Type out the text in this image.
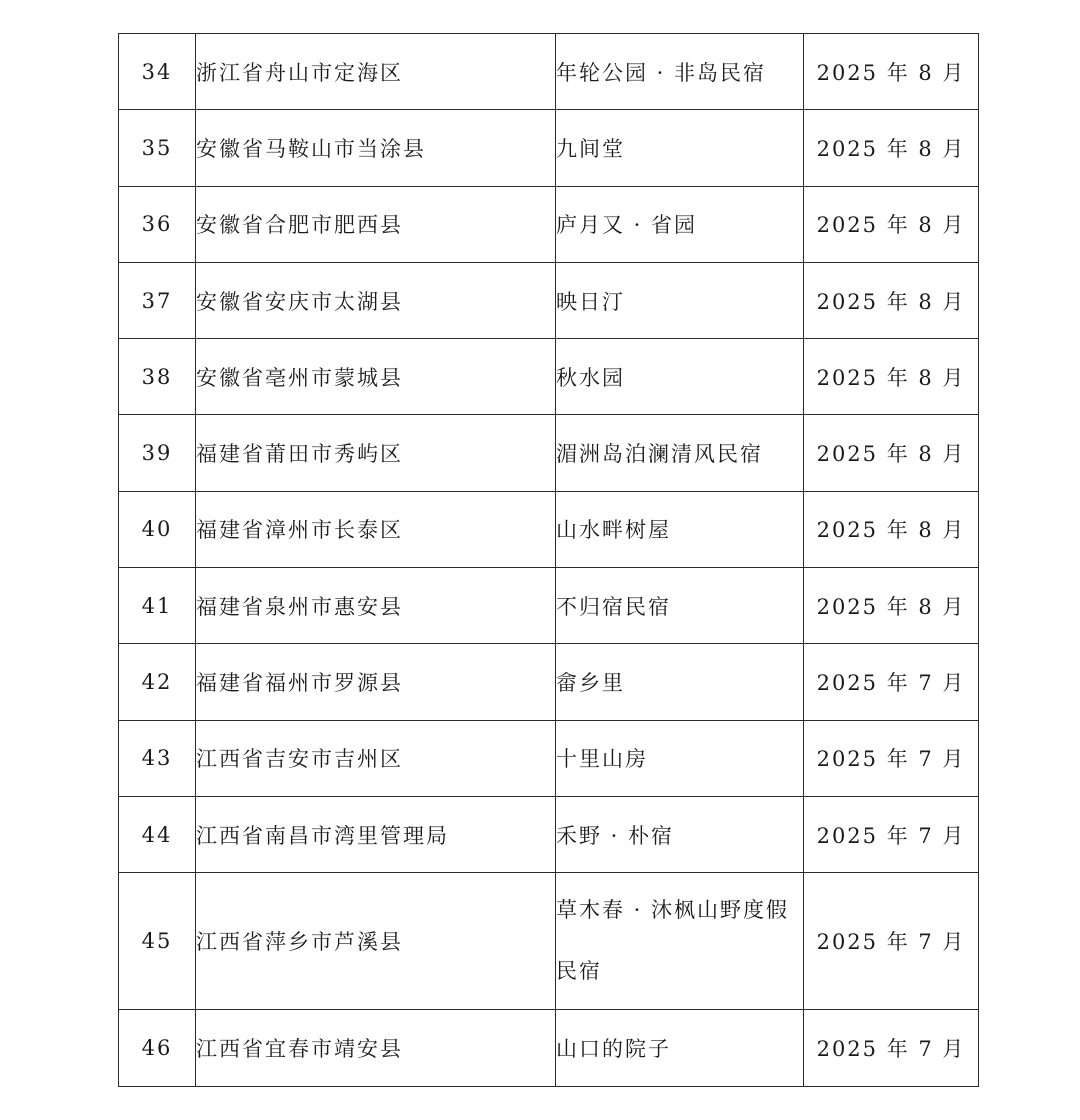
34	浙江省舟山市定海区	年轮公园 · 非岛民宿	2025 年 8 月
35	安徽省马鞍山市当涂县	九间堂	2025 年 8 月
36	安徽省合肥市肥西县	庐月又 · 省园	2025 年 8 月
37	安徽省安庆市太湖县	映日汀	2025 年 8 月
38	安徽省亳州市蒙城县	秋水园	2025 年 8 月
39	福建省莆田市秀屿区	湄洲岛泊澜清风民宿	2025 年 8 月
40	福建省漳州市长泰区	山水畔树屋	2025 年 8 月
41	福建省泉州市惠安县	不归宿民宿	2025 年 8 月
42	福建省福州市罗源县	畲乡里	2025 年 7 月
43	江西省吉安市吉州区	十里山房	2025 年 7 月
44	江西省南昌市湾里管理局	禾野 · 朴宿	2025 年 7 月
45	江西省萍乡市芦溪县	草木春 · 沐枫山野度假民宿	2025 年 7 月
46	江西省宜春市靖安县	山口的院子	2025 年 7 月
